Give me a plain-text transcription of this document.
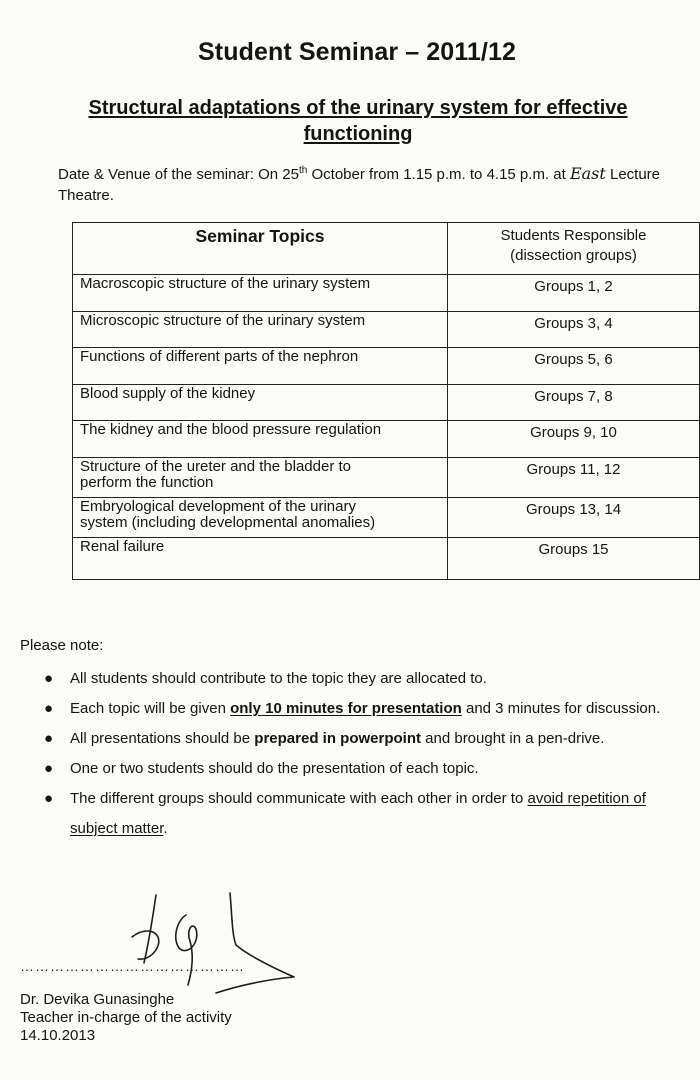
Student Seminar – 2011/12
Structural adaptations of the urinary system for effective functioning
Date & Venue of the seminar: On 25th October from 1.15 p.m. to 4.15 p.m. at East Lecture Theatre.
Seminar Topics	Students Responsible
(dissection groups)

Macroscopic structure of the urinary system	Groups 1, 2
Microscopic structure of the urinary system	Groups 3, 4
Functions of different parts of the nephron	Groups 5, 6
Blood supply of the kidney	Groups 7, 8
The kidney and the blood pressure regulation	Groups 9, 10

Structure of the ureter and the bladder to
perform the function	Groups 11, 12

Embryological development of the urinary
system (including developmental anomalies)	Groups 13, 14
Renal failure	Groups 15
Please note:
● All students should contribute to the topic they are allocated to.
● Each topic will be given only 10 minutes for presentation and 3 minutes for discussion.
● All presentations should be prepared in powerpoint and brought in a pen-drive.
● One or two students should do the presentation of each topic.
● The different groups should communicate with each other in order to avoid repetition of subject matter.
………………………………………
Dr. Devika Gunasinghe
Teacher in-charge of the activity
14.10.2013
